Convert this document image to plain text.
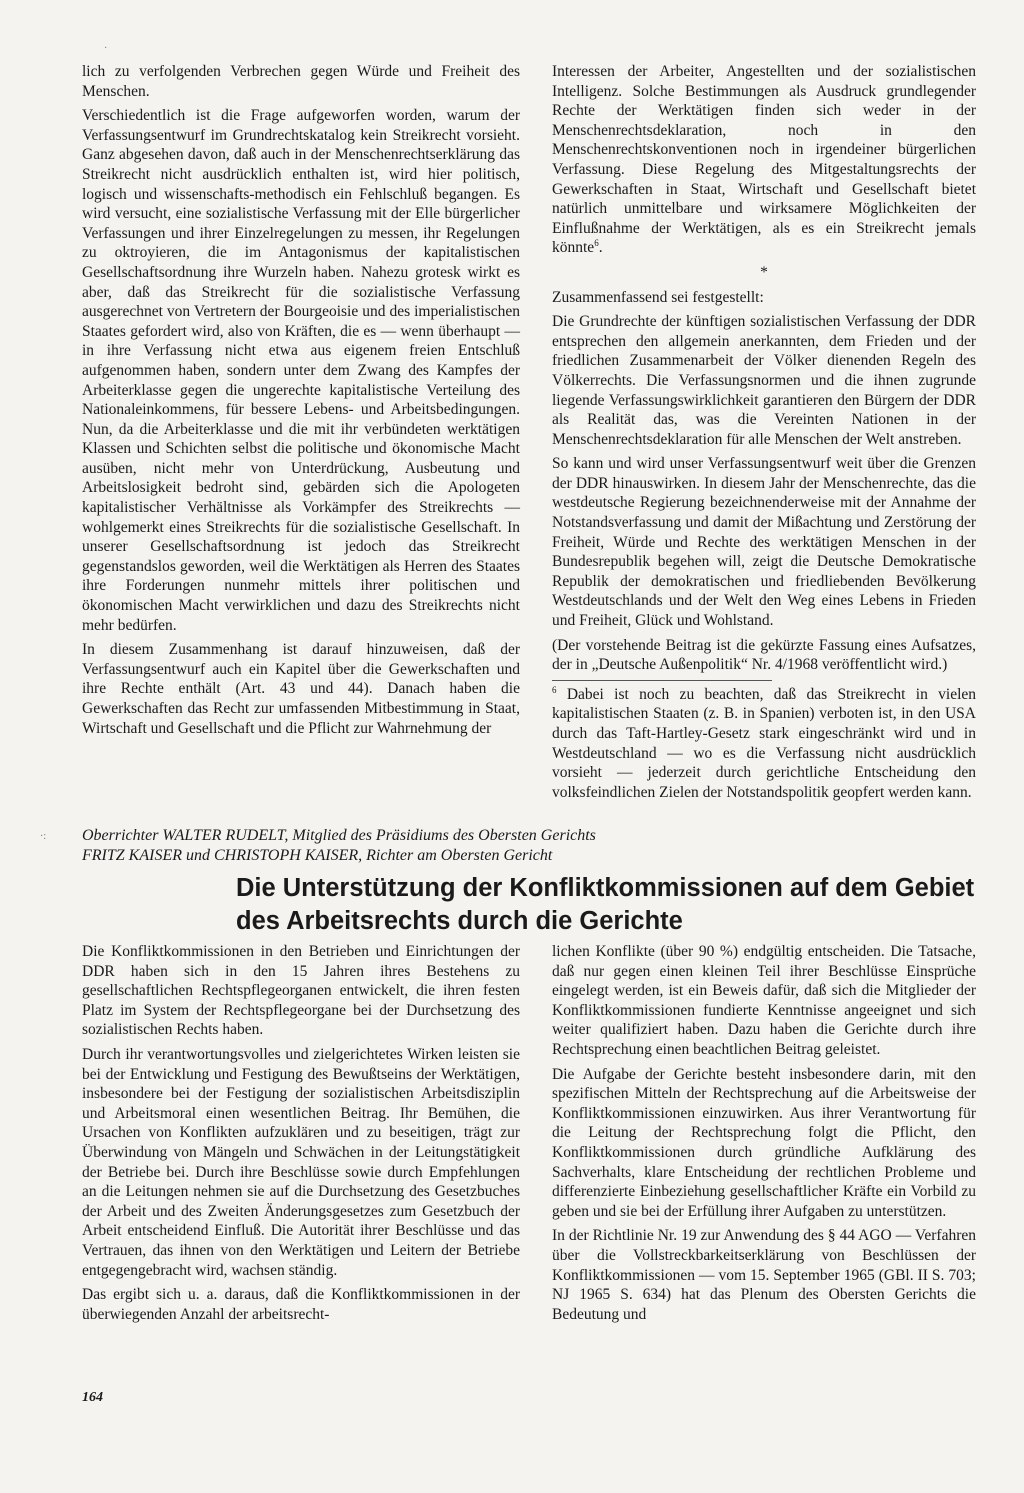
lich zu verfolgenden Verbrechen gegen Würde und Freiheit des Menschen.

Verschiedentlich ist die Frage aufgeworfen worden, warum der Verfassungsentwurf im Grundrechtskatalog kein Streikrecht vorsieht. Ganz abgesehen davon, daß auch in der Menschenrechtserklärung das Streikrecht nicht ausdrücklich enthalten ist, wird hier politisch, logisch und wissenschafts-methodisch ein Fehlschluß begangen. Es wird versucht, eine sozialistische Verfassung mit der Elle bürgerlicher Verfassungen und ihrer Einzelregelungen zu messen, ihr Regelungen zu oktroyieren, die im Antagonismus der kapitalistischen Gesellschaftsordnung ihre Wurzeln haben. Nahezu grotesk wirkt es aber, daß das Streikrecht für die sozialistische Verfassung ausgerechnet von Vertretern der Bourgeoisie und des imperialistischen Staates gefordert wird, also von Kräften, die es — wenn überhaupt — in ihre Verfassung nicht etwa aus eigenem freien Entschluß aufgenommen haben, sondern unter dem Zwang des Kampfes der Arbeiterklasse gegen die ungerechte kapitalistische Verteilung des Nationaleinkommens, für bessere Lebens- und Arbeitsbedingungen. Nun, da die Arbeiterklasse und die mit ihr verbündeten werktätigen Klassen und Schichten selbst die politische und ökonomische Macht ausüben, nicht mehr von Unterdrückung, Ausbeutung und Arbeitslosigkeit bedroht sind, gebärden sich die Apologeten kapitalistischer Verhältnisse als Vorkämpfer des Streikrechts — wohlgemerkt eines Streikrechts für die sozialistische Gesellschaft. In unserer Gesellschaftsordnung ist jedoch das Streikrecht gegenstandslos geworden, weil die Werktätigen als Herren des Staates ihre Forderungen nunmehr mittels ihrer politischen und ökonomischen Macht verwirklichen und dazu des Streikrechts nicht mehr bedürfen.

In diesem Zusammenhang ist darauf hinzuweisen, daß der Verfassungsentwurf auch ein Kapitel über die Gewerkschaften und ihre Rechte enthält (Art. 43 und 44). Danach haben die Gewerkschaften das Recht zur umfassenden Mitbestimmung in Staat, Wirtschaft und Gesellschaft und die Pflicht zur Wahrnehmung der

Interessen der Arbeiter, Angestellten und der sozialistischen Intelligenz. Solche Bestimmungen als Ausdruck grundlegender Rechte der Werktätigen finden sich weder in der Menschenrechtsdeklaration, noch in den Menschenrechtskonventionen noch in irgendeiner bürgerlichen Verfassung. Diese Regelung des Mitgestaltungsrechts der Gewerkschaften in Staat, Wirtschaft und Gesellschaft bietet natürlich unmittelbare und wirksamere Möglichkeiten der Einflußnahme der Werktätigen, als es ein Streikrecht jemals könnte$^6$.

*

Zusammenfassend sei festgestellt:

Die Grundrechte der künftigen sozialistischen Verfassung der DDR entsprechen den allgemein anerkannten, dem Frieden und der friedlichen Zusammenarbeit der Völker dienenden Regeln des Völkerrechts. Die Verfassungsnormen und die ihnen zugrunde liegende Verfassungswirklichkeit garantieren den Bürgern der DDR als Realität das, was die Vereinten Nationen in der Menschenrechtsdeklaration für alle Menschen der Welt anstreben.

So kann und wird unser Verfassungsentwurf weit über die Grenzen der DDR hinauswirken. In diesem Jahr der Menschenrechte, das die westdeutsche Regierung bezeichnenderweise mit der Annahme der Notstandsverfassung und damit der Mißachtung und Zerstörung der Freiheit, Würde und Rechte des werktätigen Menschen in der Bundesrepublik begehen will, zeigt die Deutsche Demokratische Republik der demokratischen und friedliebenden Bevölkerung Westdeutschlands und der Welt den Weg eines Lebens in Frieden und Freiheit, Glück und Wohlstand.

(Der vorstehende Beitrag ist die gekürzte Fassung eines Aufsatzes, der in „Deutsche Außenpolitik“ Nr. 4/1968 veröffentlicht wird.)

$^6$ Dabei ist noch zu beachten, daß das Streikrecht in vielen kapitalistischen Staaten (z. B. in Spanien) verboten ist, in den USA durch das Taft-Hartley-Gesetz stark eingeschränkt wird und in Westdeutschland — wo es die Verfassung nicht ausdrücklich vorsieht — jederzeit durch gerichtliche Entscheidung den volksfeindlichen Zielen der Notstandspolitik geopfert werden kann.

Oberrichter WALTER RUDELT, Mitglied des Präsidiums des Obersten Gerichts

FRITZ KAISER und CHRISTOPH KAISER, Richter am Obersten Gericht

Die Unterstützung der Konfliktkommissionen auf dem Gebiet
des Arbeitsrechts durch die Gerichte

Die Konfliktkommissionen in den Betrieben und Einrichtungen der DDR haben sich in den 15 Jahren ihres Bestehens zu gesellschaftlichen Rechtspflegeorganen entwickelt, die ihren festen Platz im System der Rechtspflegeorgane bei der Durchsetzung des sozialistischen Rechts haben.

Durch ihr verantwortungsvolles und zielgerichtetes Wirken leisten sie bei der Entwicklung und Festigung des Bewußtseins der Werktätigen, insbesondere bei der Festigung der sozialistischen Arbeitsdisziplin und Arbeitsmoral einen wesentlichen Beitrag. Ihr Bemühen, die Ursachen von Konflikten aufzuklären und zu beseitigen, trägt zur Überwindung von Mängeln und Schwächen in der Leitungstätigkeit der Betriebe bei. Durch ihre Beschlüsse sowie durch Empfehlungen an die Leitungen nehmen sie auf die Durchsetzung des Gesetzbuches der Arbeit und des Zweiten Änderungsgesetzes zum Gesetzbuch der Arbeit entscheidend Einfluß. Die Autorität ihrer Beschlüsse und das Vertrauen, das ihnen von den Werktätigen und Leitern der Betriebe entgegengebracht wird, wachsen ständig.

Das ergibt sich u. a. daraus, daß die Konfliktkommissionen in der überwiegenden Anzahl der arbeitsrecht-

lichen Konflikte (über 90 %) endgültig entscheiden. Die Tatsache, daß nur gegen einen kleinen Teil ihrer Beschlüsse Einsprüche eingelegt werden, ist ein Beweis dafür, daß sich die Mitglieder der Konfliktkommissionen fundierte Kenntnisse angeeignet und sich weiter qualifiziert haben. Dazu haben die Gerichte durch ihre Rechtsprechung einen beachtlichen Beitrag geleistet.

Die Aufgabe der Gerichte besteht insbesondere darin, mit den spezifischen Mitteln der Rechtsprechung auf die Arbeitsweise der Konfliktkommissionen einzuwirken. Aus ihrer Verantwortung für die Leitung der Rechtsprechung folgt die Pflicht, den Konfliktkommissionen durch gründliche Aufklärung des Sachverhalts, klare Entscheidung der rechtlichen Probleme und differenzierte Einbeziehung gesellschaftlicher Kräfte ein Vorbild zu geben und sie bei der Erfüllung ihrer Aufgaben zu unterstützen.

In der Richtlinie Nr. 19 zur Anwendung des § 44 AGO — Verfahren über die Vollstreckbarkeitserklärung von Beschlüssen der Konfliktkommissionen — vom 15. September 1965 (GBl. II S. 703; NJ 1965 S. 634) hat das Plenum des Obersten Gerichts die Bedeutung und

164

·
·:
